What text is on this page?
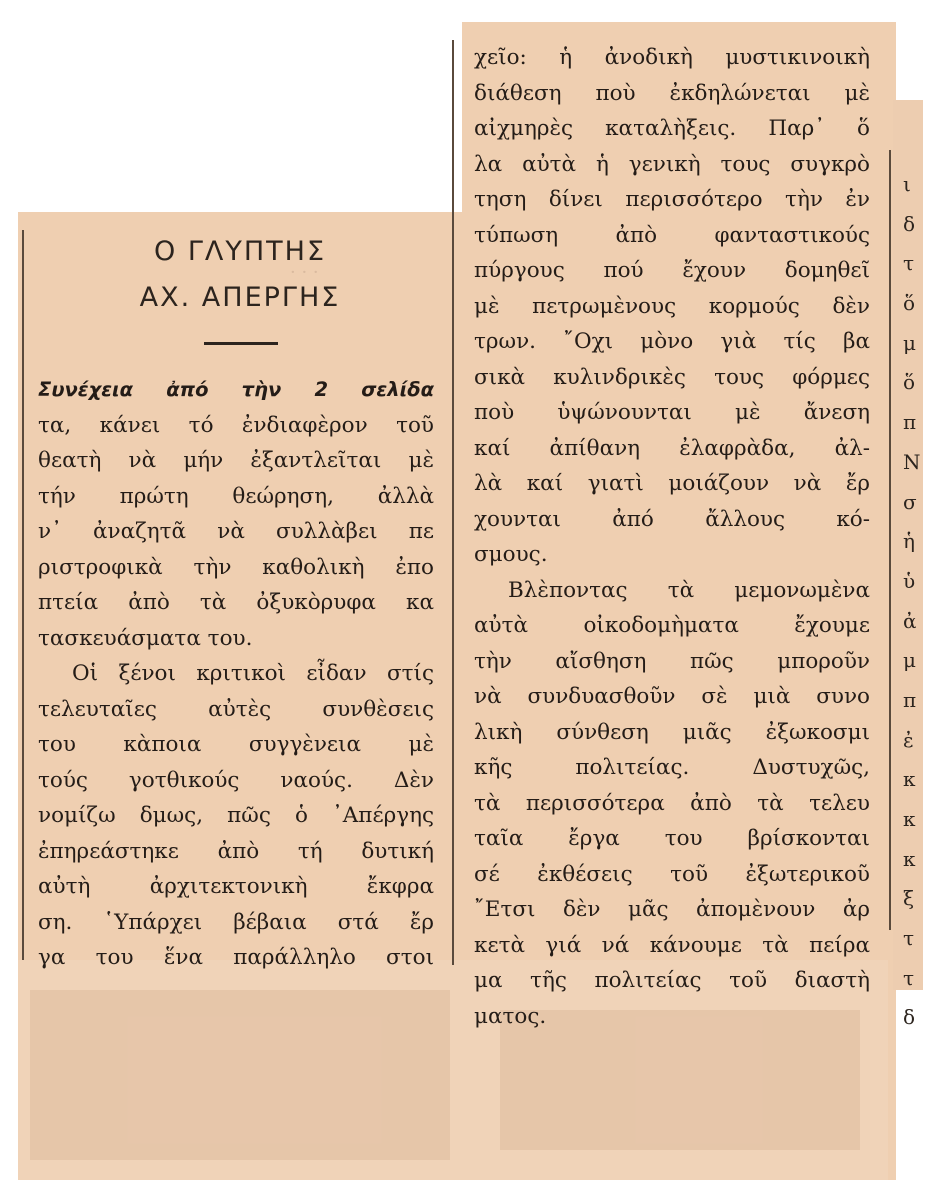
· · ·
Ο ΓΛΥΠΤΗΣ
ΑΧ. ΑΠΕΡΓΗΣ
Συνέχεια ἀπό τὴν 2 σελίδα
τα, κάνει τό ἐνδιαφὲρον τοῦ
θεατὴ νὰ μήν ἐξαντλεῖται μὲ
τήν πρώτη θεώρηση, ἀλλὰ
ν᾿ ἀναζητᾶ νὰ συλλὰβει πε
ριστροφικὰ τὴν καθολικὴ ἐπο
πτεία ἀπὸ τὰ ὀξυκὸρυφα κα
τασκευάσματα του.
Οἱ ξένοι κριτικοὶ εἶδαν στίς
τελευταῖες αὐτὲς συνθὲσεις
του κὰποια συγγὲνεια μὲ
τούς γοτθικούς ναούς. Δὲν
νομίζω δμως, πῶς ὁ ᾿Απέργης
ἐπηρεάστηκε ἀπὸ τή δυτική
αὐτὴ ἀρχιτεκτονικὴ ἔκφρα
ση. ῾Υπάρχει βέβαια στά ἔρ
γα του ἕνα παράλληλο στοι
χεῖο: ἡ ἀνοδικὴ μυστικινοικὴ
διάθεση ποὺ ἐκδηλώνεται μὲ
αἰχμηρὲς καταλὴξεις. Παρ᾿ ὅ
λα αὐτὰ ἡ γενικὴ τους συγκρὸ
τηση δίνει περισσότερο τὴν ἐν
τύπωση ἀπὸ φανταστικούς
πύργους πού ἔχουν δομηθεῖ
μὲ πετρωμὲνους κορμούς δὲν
τρων. ῎Οχι μὸνο γιὰ τίς βα
σικὰ κυλινδρικὲς τους φόρμες
ποὺ ὑψώνουνται μὲ ἄνεση
καί ἀπίθανη ἐλαφρὰδα, ἀλ-
λὰ καί γιατὶ μοιάζουν νὰ ἔρ
χουνται ἀπό ἄλλους κό-
σμους.
Βλὲποντας τὰ μεμονωμὲνα
αὐτὰ οἰκοδομὴματα ἔχουμε
τὴν αἴσθηση πῶς μποροῦν
νὰ συνδυασθοῦν σὲ μιὰ συνο
λικὴ σύνθεση μιᾶς ἐξωκοσμι
κῆς πολιτείας. Δυστυχῶς,
τὰ περισσότερα ἀπὸ τὰ τελευ
ταῖα ἔργα του βρίσκονται
σέ ἐκθέσεις τοῦ ἐξωτερικοῦ
῎Ετσι δὲν μᾶς ἀπομὲνουν ἀρ
κετὰ γιά νά κάνουμε τὰ πείρα
μα τῆς πολιτείας τοῦ διαστὴ
ματος.
ι
δ
τ
ὅ
μ
ὅ
π
Ν
σ
ἡ
ὑ
ἀ
μ
π
ἐ
κ
κ
κ
ξ
τ
τ
δ
